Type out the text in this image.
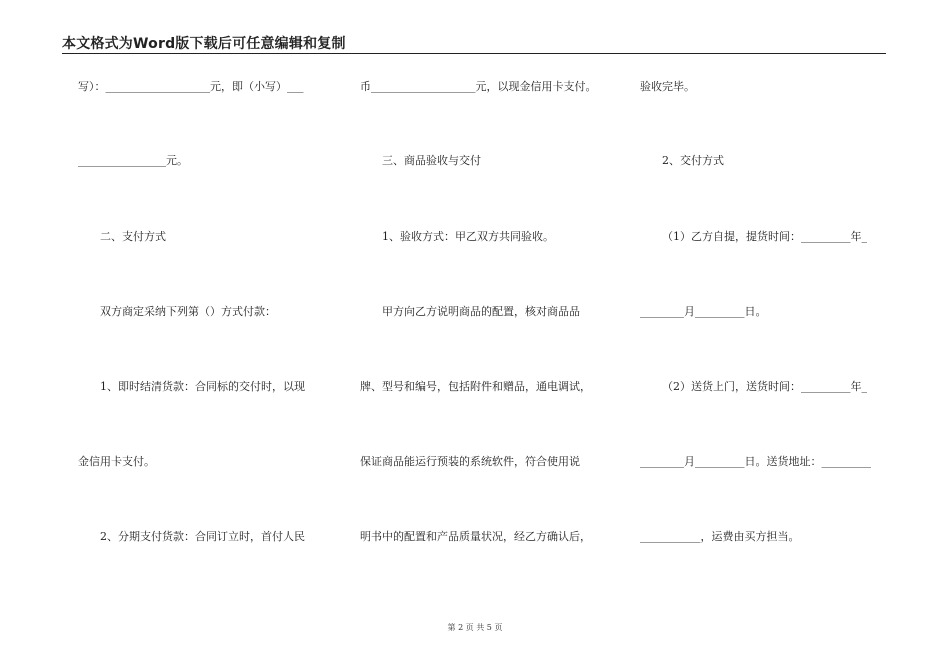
本文格式为Word版下载后可任意编辑和复制
写）：___________________元，即（小写）___
________________元。
二、支付方式
双方商定采纳下列第（）方式付款：
1、即时结清货款：合同标的交付时，以现
金信用卡支付。
2、分期支付货款：合同订立时，首付人民
币___________________元，以现金信用卡支付。
三、商品验收与交付
1、验收方式：甲乙双方共同验收。
甲方向乙方说明商品的配置，核对商品品
牌、型号和编号，包括附件和赠品，通电调试，
保证商品能运行预装的系统软件，符合使用说
明书中的配置和产品质量状况，经乙方确认后，
验收完毕。
2、交付方式
（1）乙方自提，提货时间：_________年_
________月_________日。
（2）送货上门，送货时间：_________年_
________月_________日。送货地址：_________
___________，运费由买方担当。
第 2 页 共 5 页
